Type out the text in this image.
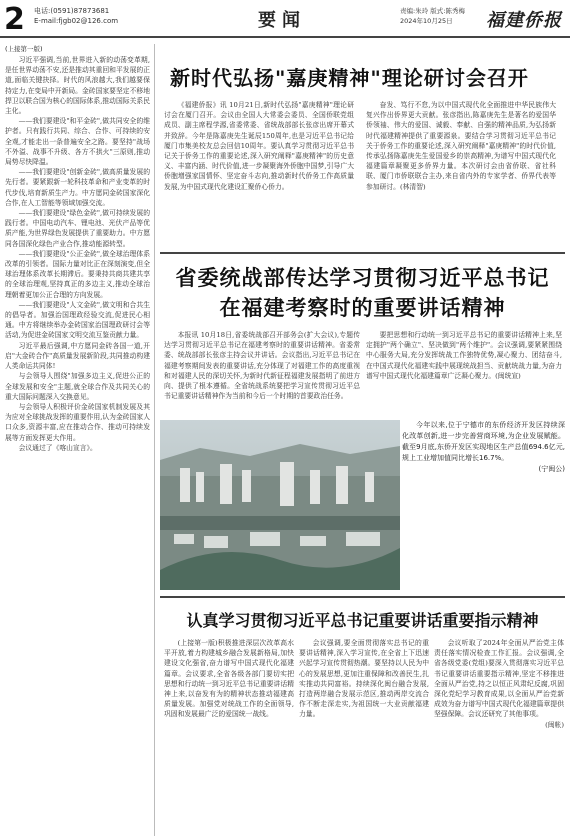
2 电话:(0591)87873681
E-mail:fjgb02@126.com	要闻	责编:朱玲 版式:陈秀梅
2024年10月25日	福建侨报
(上接第一版)
习近平强调,当前,世界进入新的动荡变革期,是任世界动荡不安,还是推动其重回和平发展的正道,面临关键抉择。时代的风浪越大,我们越要保持定力,在变局中开新局。金砖国家要坚定不移地捍卫以联合国为核心的国际体系,推动国际关系民主化。
——我们要建设"和平金砖",做共同安全的维护者。只有践行共同、综合、合作、可持续的安全观,才能走出一条普遍安全之路。要坚持"战场不外溢、战事不升级、各方不拱火"三原则,推动局势尽快降温。
——我们要建设"创新金砖",做高质量发展的先行者。要紧跟新一轮科技革命和产业变革的时代步伐,培育新质生产力。中方愿同金砖国家深化合作,在人工智能等领域加强交流。
——我们要建设"绿色金砖",做可持续发展的践行者。中国电动汽车、锂电池、光伏产品等优质产能,为世界绿色发展提供了重要助力。中方愿同各国深化绿色产业合作,推动能源转型。
——我们要建设"公正金砖",做全球治理体系改革的引领者。国际力量对比正在深刻演变,但全球治理体系改革长期滞后。要秉持共商共建共享的全球治理观,坚持真正的多边主义,推动全球治理朝着更加公正合理的方向发展。
——我们要建设"人文金砖",做文明和合共生的倡导者。加强治国理政经验交流,促进民心相通。中方将继续举办金砖国家治国理政研讨会等活动,为促进金砖国家文明交流互鉴贡献力量。
习近平最后强调,中方愿同金砖各国一道,开启"大金砖合作"高质量发展新阶段,共同推动构建人类命运共同体!
与会领导人围绕"加强多边主义,促进公正的全球发展和安全"主题,就全球合作及共同关心的重大国际问题深入交换意见。
与会领导人积极评价金砖国家机制发展及其为应对全球挑战发挥的重要作用,认为金砖国家人口众多,资源丰富,应在推动合作、推动可持续发展等方面发挥更大作用。
会议通过了《喀山宣言》。
新时代弘扬"嘉庚精神"理论研讨会召开
《福建侨报》讯 10月21日,新时代弘扬"嘉庚精神"理论研讨会在厦门召开。会议由全国人大常委会委员、全国侨联党组成员、副主席程学源,省委常委、省统战部部长张彦出席开幕式并致辞。今年是陈嘉庚先生诞辰150周年,也是习近平总书记给厦门市集美校友总会回信10周年。要认真学习贯彻习近平总书记关于侨务工作的重要论述,深入研究阐释"嘉庚精神"的历史意义、丰富内涵、时代价值,进一步凝聚海外侨胞中国梦,引导广大侨胞增强家国情怀、坚定奋斗志向,推动新时代侨务工作高质量发展,为中国式现代化建设汇聚侨心侨力。
奋发、笃行不怠,为以中国式现代化全面推进中华民族伟大复兴作出侨界更大贡献。张彦指出,陈嘉庚先生是著名的爱国华侨领袖、伟大的爱国、诚毅、奉献、自强的精神品质,为弘扬新时代福建精神提供了重要源泉。要结合学习贯彻习近平总书记关于侨务工作的重要论述,深入研究阐释"嘉庚精神"的时代价值,传承弘扬陈嘉庚先生爱国爱乡的崇高精神,为谱写中国式现代化福建篇章凝聚更多侨界力量。本次研讨会由省侨联、省社科联、厦门市侨联联合主办,来自省内外的专家学者、侨界代表等参加研讨。(林清智)
省委统战部传达学习贯彻习近平总书记
在福建考察时的重要讲话精神
本报讯 10月18日,省委统战部召开部务会(扩大会议),专题传达学习贯彻习近平总书记在福建考察时的重要讲话精神。省委常委、统战部部长张彦主持会议并讲话。会议指出,习近平总书记在福建考察期间发表的重要讲话,充分体现了对福建工作的高度重视和对福建人民的深切关怀,为新时代新征程福建发展指明了前进方向、提供了根本遵循。全省统战系统要把学习宣传贯彻习近平总书记重要讲话精神作为当前和今后一个时期的首要政治任务。
要把思想和行动统一到习近平总书记的重要讲话精神上来,坚定拥护"两个确立"、坚决做到"两个维护"。会议强调,要紧紧围绕中心服务大局,充分发挥统战工作独特优势,凝心聚力、团结奋斗,在中国式现代化福建实践中展现统战担当、贡献统战力量,为奋力谱写中国式现代化福建篇章广泛凝心聚力。(闽统宣)
今年以来,位于宁德市的东侨经济开发区持续深化改革创新,进一步完善营商环境,为企业发展赋能。截至9月底,东侨开发区实现地区生产总值694.6亿元,规上工业增加值同比增长16.7%。
(宁闽公)
认真学习贯彻习近平总书记重要讲话重要指示精神
(上接第一版)积极推进深层次改革高水平开放,着力构建城乡融合发展新格局,加快建设文化强省,奋力谱写中国式现代化福建篇章。会议要求,全省各级各部门要切实把思想和行动统一到习近平总书记重要讲话精神上来,以奋发有为的精神状态推动福建高质量发展。加强党对统战工作的全面领导,巩固和发展最广泛的爱国统一战线。
会议强调,要全面贯彻落实总书记的重要讲话精神,深入学习宣传,在全省上下迅速兴起学习宣传贯彻热潮。要坚持以人民为中心的发展思想,更加注重保障和改善民生,扎实推动共同富裕。持续深化闽台融合发展,打造两岸融合发展示范区,推动两岸交流合作不断走深走实,为祖国统一大业贡献福建力量。
会议听取了2024年全面从严治党主体责任落实情况检查工作汇报。会议强调,全省各级党委(党组)要深入贯彻落实习近平总书记重要讲话重要指示精神,坚定不移推进全面从严治党,持之以恒正风肃纪反腐,巩固深化党纪学习教育成果,以全面从严治党新成效为奋力谱写中国式现代化福建篇章提供坚强保障。会议还研究了其他事项。
(闽帐)
